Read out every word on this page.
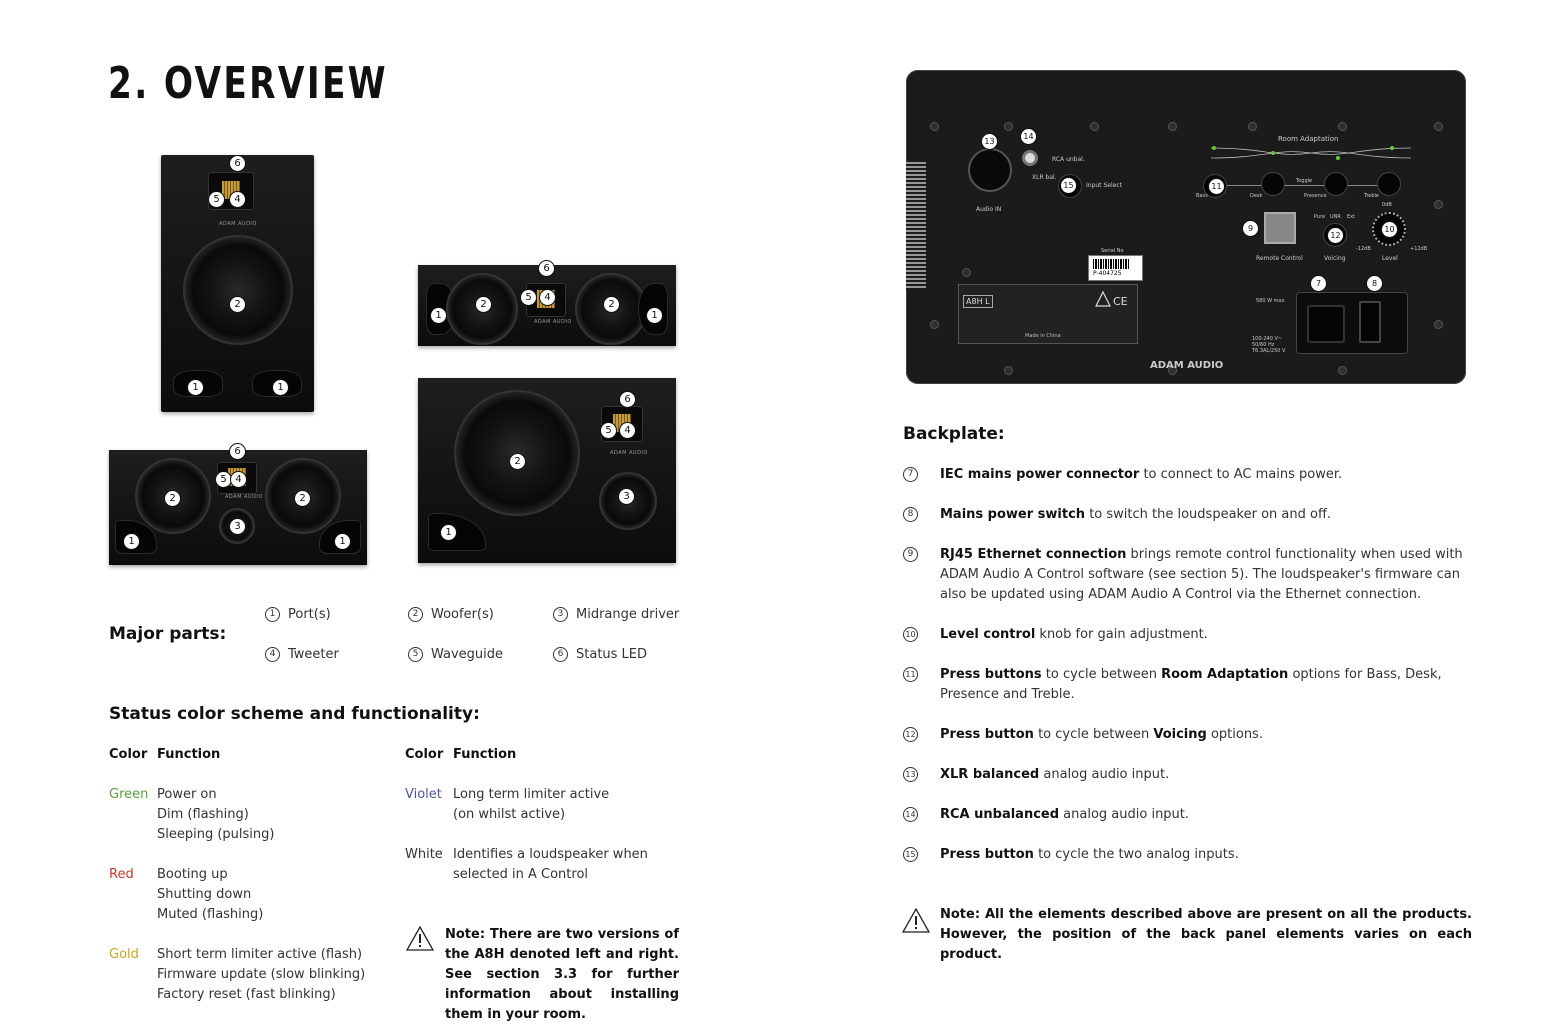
2. OVERVIEW
ADAM AUDIO
6
5	4
2
1	1
ADAM AUDIO
6
5	4
2	2
1	1
ADAM AUDIO
6
5 4
3
2	2
1	1
ADAM AUDIO
6
5	4
2
3
1
Major parts:
1 Port(s)	2 Woofer(s)	3 Midrange driver
4 Tweeter	5 Waveguide	6 Status LED
Status color scheme and functionality:
Color Function	Color Function
Green Power on
Dim (flashing)
Sleeping (pulsing)
Red Booting up
Shutting down
Muted (flashing)
Gold Short term limiter active (flash)
Firmware update (slow blinking)
Factory reset (fast blinking)
Violet Long term limiter active
(on whilst active)
White Identifies a loudspeaker when
selected in A Control
Note: There are two versions of the A8H denoted left and right. See section 3.3 for further information about installing them in your room.
Audio IN
XLR bal.
RCA unbal.
Input Select
13
14
15
Room Adaptation
11
Bass	Desk
Toggle
Presence	Treble
9
Remote Control
Pure UNR Ext
12
Voicing
10
0dB
-12dB	+12dB
Level
Serial No
P-404725
A8H L
Made in China
CE	580 W max
100-240 V~ 50/60 Hz T6.3AL/250 V
7	8
ADAM AUDIO
Backplate:
7	IEC mains power connector to connect to AC mains power.
8	Mains power switch to switch the loudspeaker on and off.
9	RJ45 Ethernet connection brings remote control functionality when used with ADAM Audio A Control software (see section 5). The loudspeaker's firmware can also be updated using ADAM Audio A Control via the Ethernet connection.
10 Level control knob for gain adjustment.
11 Press buttons to cycle between Room Adaptation options for Bass, Desk, Presence and Treble.
12 Press button to cycle between Voicing options.
13 XLR balanced analog audio input.
14 RCA unbalanced analog audio input.
15 Press button to cycle the two analog inputs.
Note: All the elements described above are present on all the products. However, the position of the back panel elements varies on each product.
